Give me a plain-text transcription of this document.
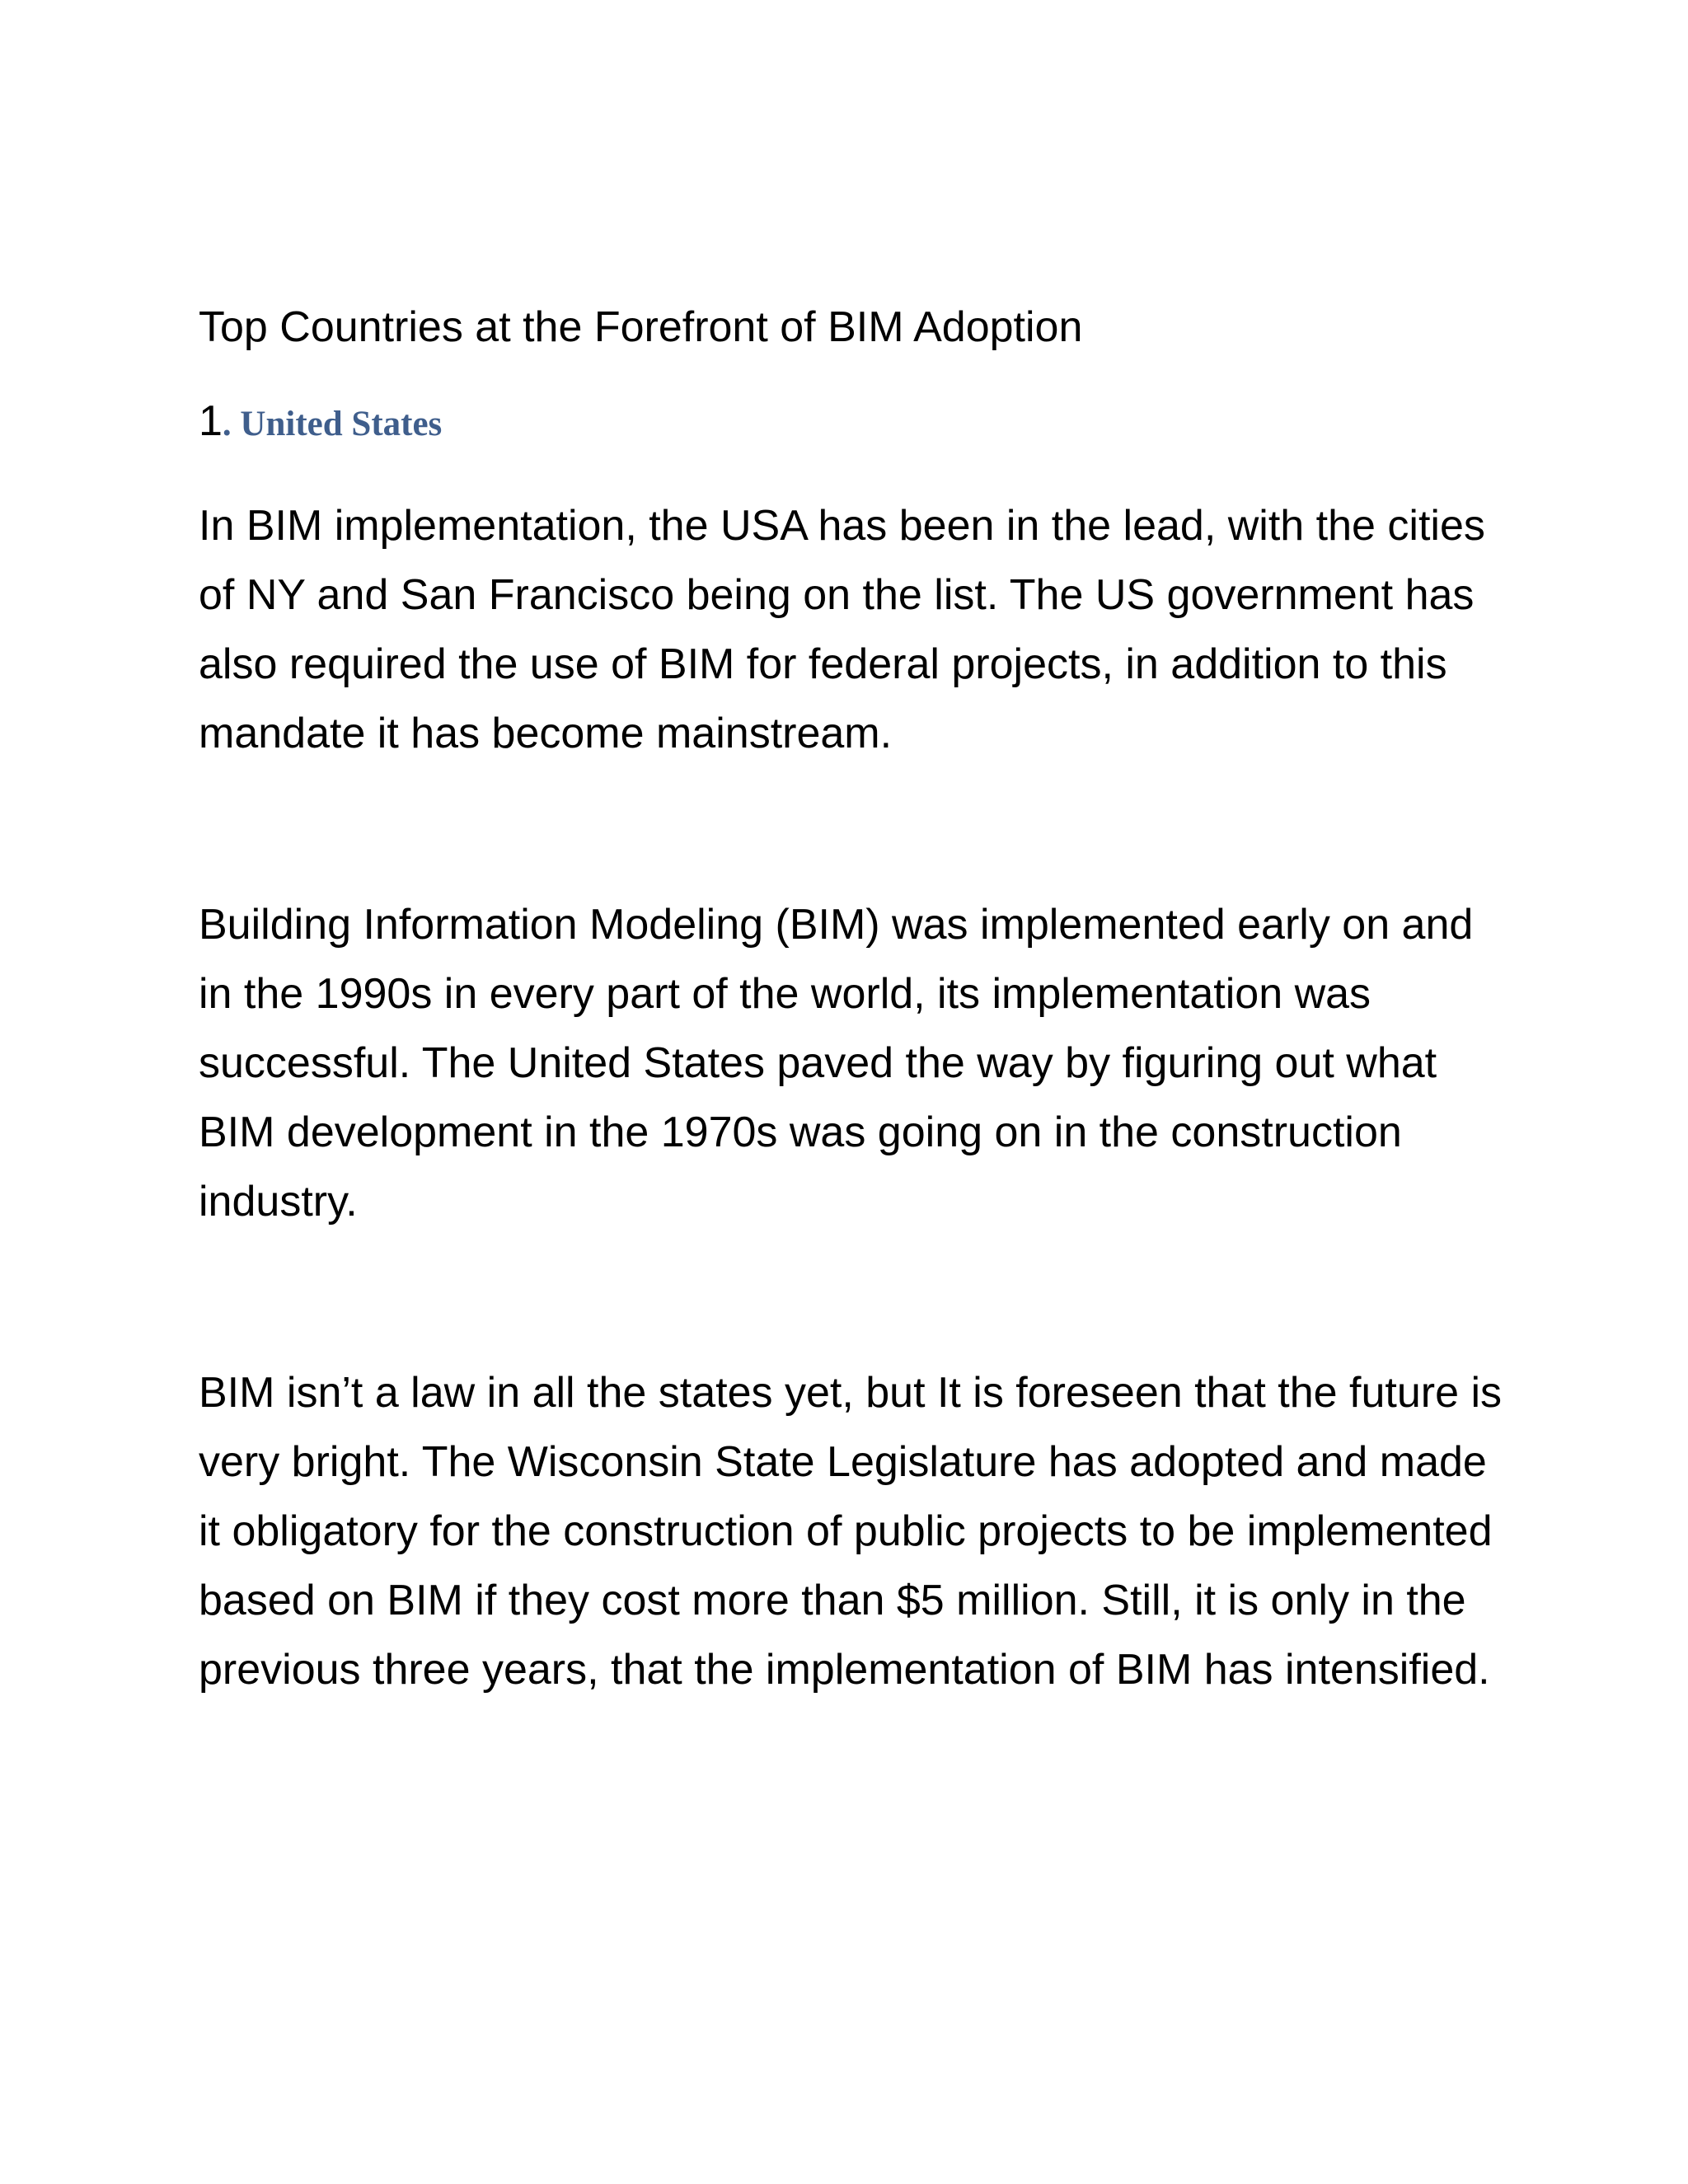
Top Countries at the Forefront of BIM Adoption
1. United States

In BIM implementation, the USA has been in the lead, with the cities of NY and San Francisco being on the list. The US government has also required the use of BIM for federal projects, in addition to this mandate it has become mainstream.

Building Information Modeling (BIM) was implemented early on and in the 1990s in every part of the world, its implementation was successful. The United States paved the way by figuring out what BIM development in the 1970s was going on in the construction industry.

BIM isn’t a law in all the states yet, but It is foreseen that the future is very bright. The Wisconsin State Legislature has adopted and made it obligatory for the construction of public projects to be implemented based on BIM if they cost more than $5 million. Still, it is only in the previous three years, that the implementation of BIM has intensified.
